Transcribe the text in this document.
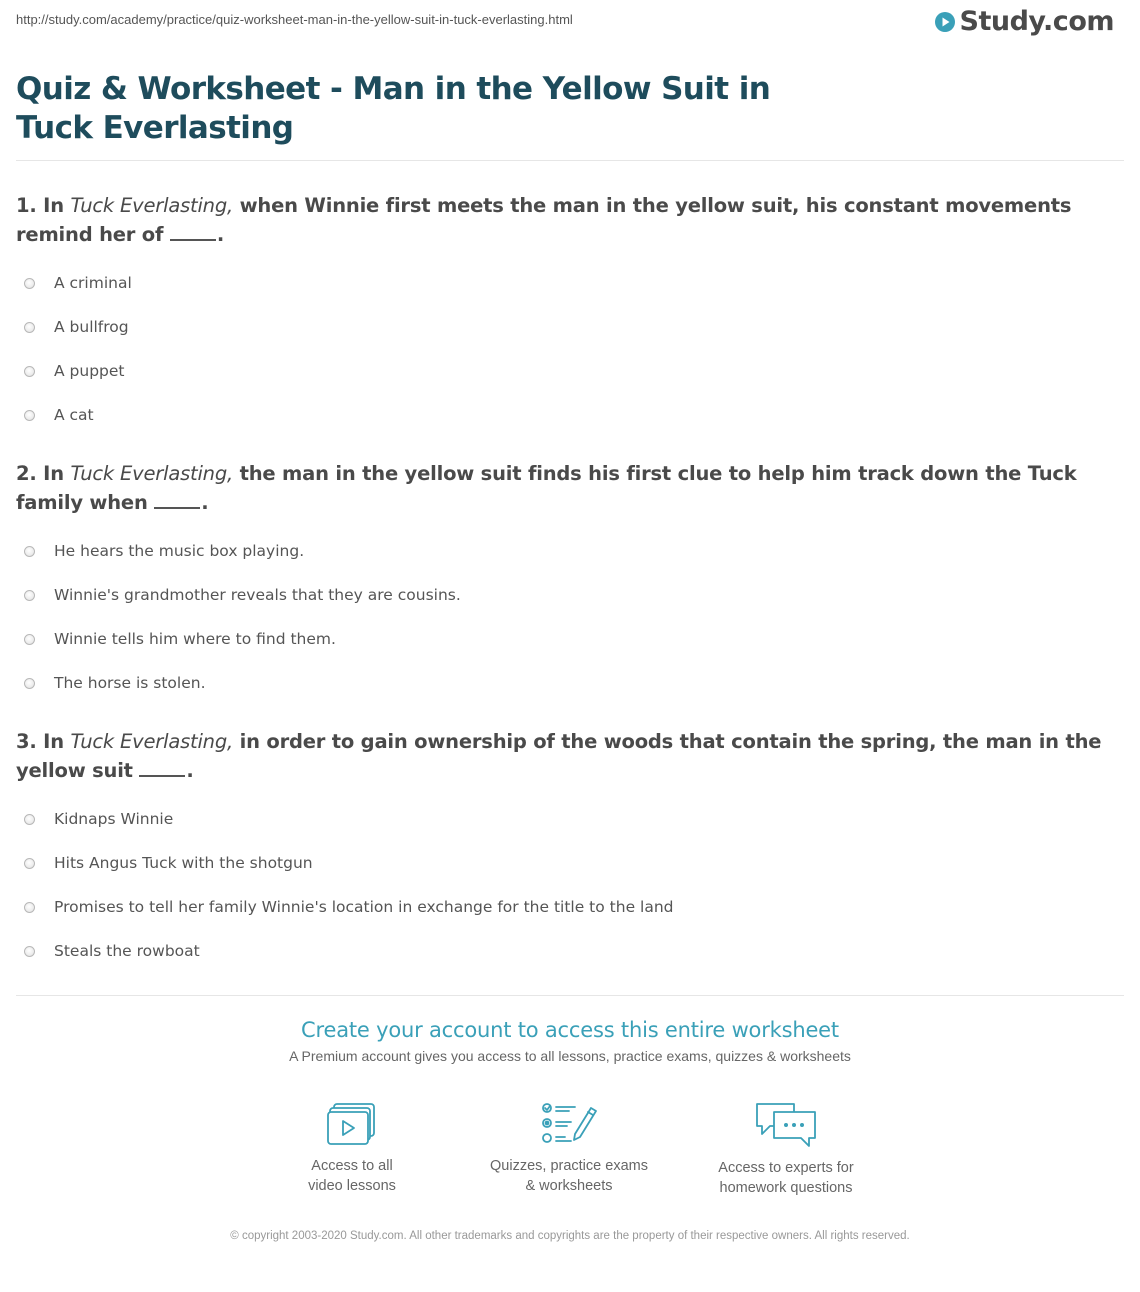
http://study.com/academy/practice/quiz-worksheet-man-in-the-yellow-suit-in-tuck-everlasting.html	Study.com
Quiz & Worksheet - Man in the Yellow Suit in Tuck Everlasting
1. In Tuck Everlasting, when Winnie first meets the man in the yellow suit, his constant movements remind her of .
A criminal
A bullfrog
A puppet
A cat
2. In Tuck Everlasting, the man in the yellow suit finds his first clue to help him track down the Tuck family when .
He hears the music box playing.
Winnie's grandmother reveals that they are cousins.
Winnie tells him where to find them.
The horse is stolen.
3. In Tuck Everlasting, in order to gain ownership of the woods that contain the spring, the man in the yellow suit .
Kidnaps Winnie
Hits Angus Tuck with the shotgun
Promises to tell her family Winnie's location in exchange for the title to the land
Steals the rowboat
Create your account to access this entire worksheet
A Premium account gives you access to all lessons, practice exams, quizzes & worksheets
Access to all
video lessons
Quizzes, practice exams
& worksheets
Access to experts for
homework questions
© copyright 2003-2020 Study.com. All other trademarks and copyrights are the property of their respective owners. All rights reserved.
